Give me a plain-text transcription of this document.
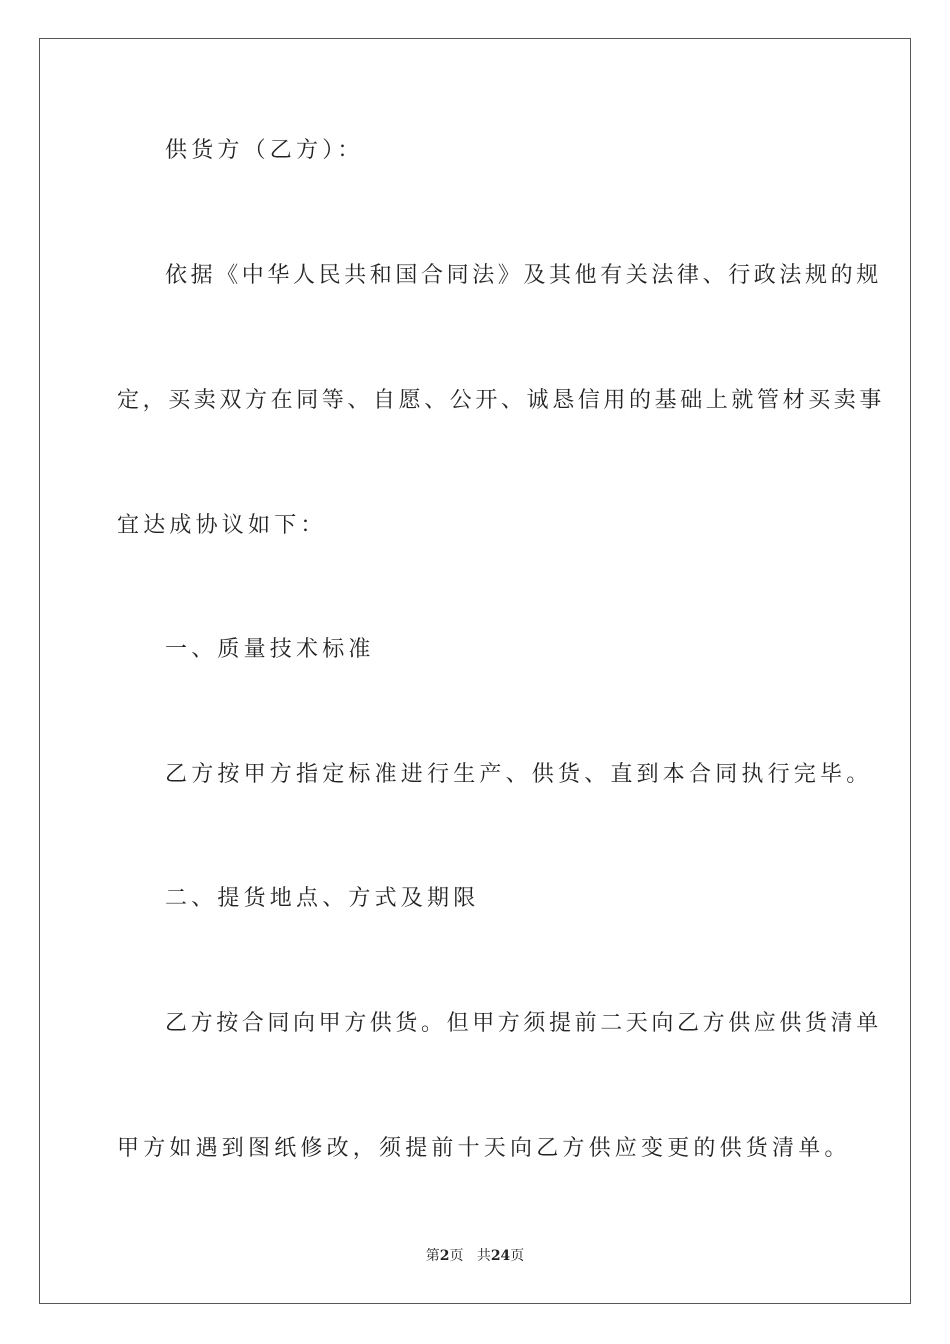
供货方（乙方）：
依据《中华人民共和国合同法》及其他有关法律、行政法规的规
定，买卖双方在同等、自愿、公开、诚恳信用的基础上就管材买卖事
宜达成协议如下：
一、质量技术标准
乙方按甲方指定标准进行生产、供货、直到本合同执行完毕。
二、提货地点、方式及期限
乙方按合同向甲方供货。但甲方须提前二天向乙方供应供货清单
甲方如遇到图纸修改，须提前十天向乙方供应变更的供货清单。
第2页 共24页
